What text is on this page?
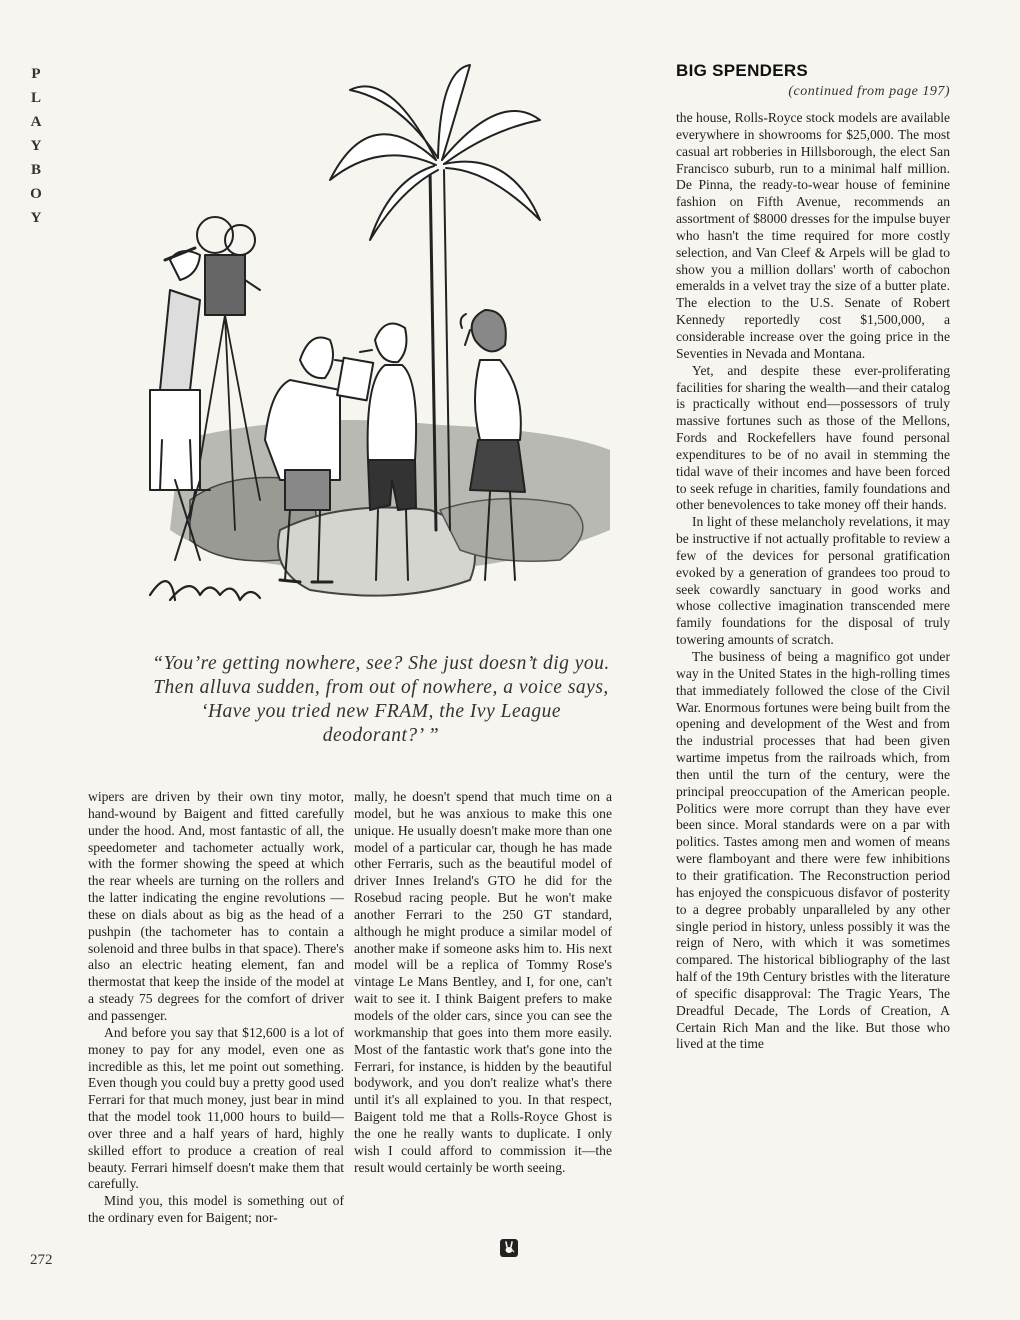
P
L
A
Y
B
O
Y
“You’re getting nowhere, see? She just doesn’t dig you. Then alluva sudden, from out of nowhere, a voice says, ‘Have you tried new FRAM, the Ivy League deodorant?’ ”

wipers are driven by their own tiny motor, hand-wound by Baigent and fitted carefully under the hood. And, most fantastic of all, the speedometer and tachometer actually work, with the former showing the speed at which the rear wheels are turning on the rollers and the latter indicating the engine revolutions —these on dials about as big as the head of a pushpin (the tachometer has to contain a solenoid and three bulbs in that space). There's also an electric heating element, fan and thermostat that keep the inside of the model at a steady 75 degrees for the comfort of driver and passenger.

And before you say that $12,600 is a lot of money to pay for any model, even one as incredible as this, let me point out something. Even though you could buy a pretty good used Ferrari for that much money, just bear in mind that the model took 11,000 hours to build—over three and a half years of hard, highly skilled effort to produce a creation of real beauty. Ferrari himself doesn't make them that carefully.

Mind you, this model is something out of the ordinary even for Baigent; nor-

mally, he doesn't spend that much time on a model, but he was anxious to make this one unique. He usually doesn't make more than one model of a particular car, though he has made other Ferraris, such as the beautiful model of driver Innes Ireland's GTO he did for the Rosebud racing people. But he won't make another Ferrari to the 250 GT standard, although he might produce a similar model of another make if someone asks him to. His next model will be a replica of Tommy Rose's vintage Le Mans Bentley, and I, for one, can't wait to see it. I think Baigent prefers to make models of the older cars, since you can see the workmanship that goes into them more easily. Most of the fantastic work that's gone into the Ferrari, for instance, is hidden by the beautiful bodywork, and you don't realize what's there until it's all explained to you. In that respect, Baigent told me that a Rolls-Royce Ghost is the one he really wants to duplicate. I only wish I could afford to commission it—the result would certainly be worth seeing.

BIG SPENDERS
(continued from page 197)

the house, Rolls-Royce stock models are available everywhere in showrooms for $25,000. The most casual art robberies in Hillsborough, the elect San Francisco suburb, run to a minimal half million. De Pinna, the ready-to-wear house of feminine fashion on Fifth Avenue, recommends an assortment of $8000 dresses for the impulse buyer who hasn't the time required for more costly selection, and Van Cleef & Arpels will be glad to show you a million dollars' worth of cabochon emeralds in a velvet tray the size of a butter plate. The election to the U.S. Senate of Robert Kennedy reportedly cost $1,500,000, a considerable increase over the going price in the Seventies in Nevada and Montana.

Yet, and despite these ever-proliferating facilities for sharing the wealth—and their catalog is practically without end—possessors of truly massive fortunes such as those of the Mellons, Fords and Rockefellers have found personal expenditures to be of no avail in stemming the tidal wave of their incomes and have been forced to seek refuge in charities, family foundations and other benevolences to take money off their hands.

In light of these melancholy revelations, it may be instructive if not actually profitable to review a few of the devices for personal gratification evoked by a generation of grandees too proud to seek cowardly sanctuary in good works and whose collective imagination transcended mere family foundations for the disposal of truly towering amounts of scratch.

The business of being a magnifico got under way in the United States in the high-rolling times that immediately followed the close of the Civil War. Enormous fortunes were being built from the opening and development of the West and from the industrial processes that had been given wartime impetus from the railroads which, from then until the turn of the century, were the principal preoccupation of the American people. Politics were more corrupt than they have ever been since. Moral standards were on a par with politics. Tastes among men and women of means were flamboyant and there were few inhibitions to their gratification. The Reconstruction period has enjoyed the conspicuous disfavor of posterity to a degree probably unparalleled by any other single period in history, unless possibly it was the reign of Nero, with which it was sometimes compared. The historical bibliography of the last half of the 19th Century bristles with the literature of specific disapproval: The Tragic Years, The Dreadful Decade, The Lords of Creation, A Certain Rich Man and the like. But those who lived at the time

272
